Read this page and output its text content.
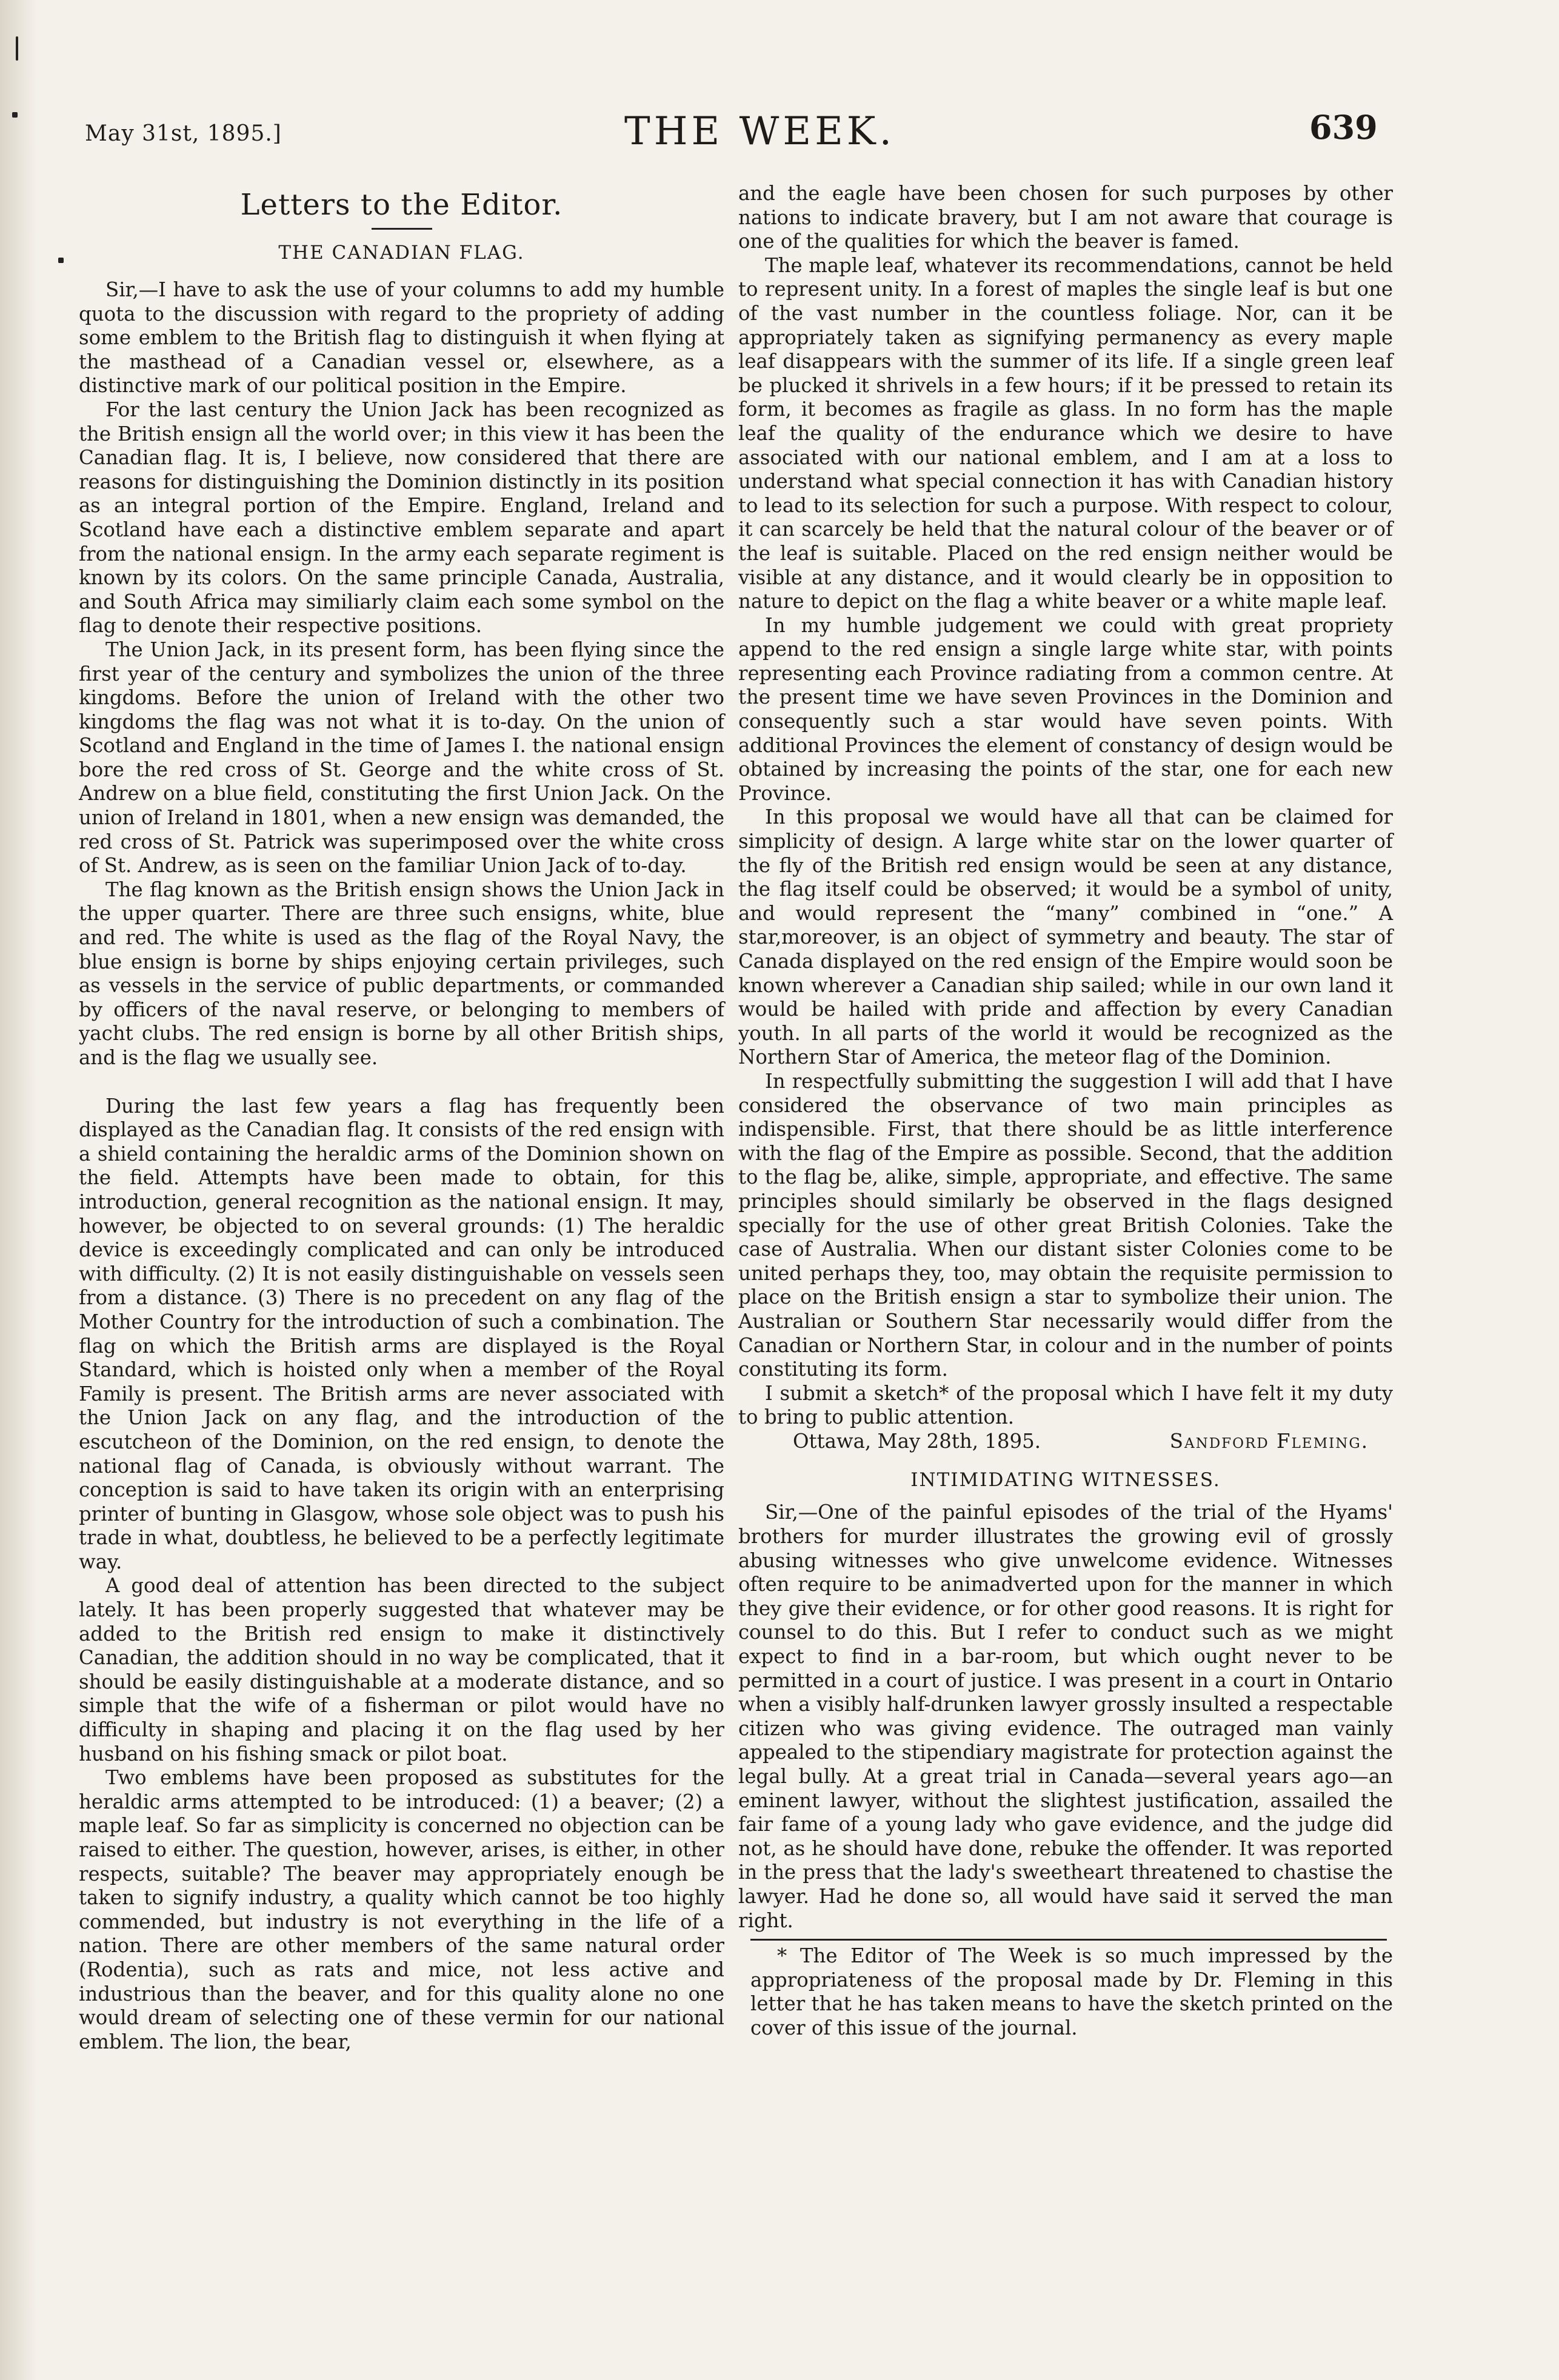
May 31st, 1895.]	THE WEEK.	639
Letters to the Editor.
THE CANADIAN FLAG.

Sir,—I have to ask the use of your columns to add my humble quota to the discussion with regard to the propriety of adding some emblem to the British flag to distinguish it when flying at the masthead of a Canadian vessel or, elsewhere, as a distinctive mark of our political position in the Empire.

For the last century the Union Jack has been recognized as the British ensign all the world over; in this view it has been the Canadian flag. It is, I believe, now considered that there are reasons for distinguishing the Dominion distinctly in its position as an integral portion of the Empire. England, Ireland and Scotland have each a distinctive emblem separate and apart from the national ensign. In the army each separate regiment is known by its colors. On the same principle Canada, Australia, and South Africa may similiarly claim each some symbol on the flag to denote their respective positions.

The Union Jack, in its present form, has been flying since the first year of the century and symbolizes the union of the three kingdoms. Before the union of Ireland with the other two kingdoms the flag was not what it is to-day. On the union of Scotland and England in the time of James I. the national ensign bore the red cross of St. George and the white cross of St. Andrew on a blue field, constituting the first Union Jack. On the union of Ireland in 1801, when a new ensign was demanded, the red cross of St. Patrick was superimposed over the white cross of St. Andrew, as is seen on the familiar Union Jack of to-day.

The flag known as the British ensign shows the Union Jack in the upper quarter. There are three such ensigns, white, blue and red. The white is used as the flag of the Royal Navy, the blue ensign is borne by ships enjoying certain privileges, such as vessels in the service of public departments, or commanded by officers of the naval reserve, or belonging to members of yacht clubs. The red ensign is borne by all other British ships, and is the flag we usually see.

During the last few years a flag has frequently been displayed as the Canadian flag. It consists of the red ensign with a shield containing the heraldic arms of the Dominion shown on the field. Attempts have been made to obtain, for this introduction, general recognition as the national ensign. It may, however, be objected to on several grounds: (1) The heraldic device is exceedingly complicated and can only be introduced with difficulty. (2) It is not easily distinguishable on vessels seen from a distance. (3) There is no precedent on any flag of the Mother Country for the introduction of such a combination. The flag on which the British arms are displayed is the Royal Standard, which is hoisted only when a member of the Royal Family is present. The British arms are never associated with the Union Jack on any flag, and the introduction of the escutcheon of the Dominion, on the red ensign, to denote the national flag of Canada, is obviously without warrant. The conception is said to have taken its origin with an enterprising printer of bunting in Glasgow, whose sole object was to push his trade in what, doubtless, he believed to be a perfectly legitimate way.

A good deal of attention has been directed to the subject lately. It has been properly suggested that whatever may be added to the British red ensign to make it distinctively Canadian, the addition should in no way be complicated, that it should be easily distinguishable at a moderate distance, and so simple that the wife of a fisherman or pilot would have no difficulty in shaping and placing it on the flag used by her husband on his fishing smack or pilot boat.

Two emblems have been proposed as substitutes for the heraldic arms attempted to be introduced: (1) a beaver; (2) a maple leaf. So far as simplicity is concerned no objection can be raised to either. The question, however, arises, is either, in other respects, suitable? The beaver may appropriately enough be taken to signify industry, a quality which cannot be too highly commended, but industry is not everything in the life of a nation. There are other members of the same natural order (Rodentia), such as rats and mice, not less active and industrious than the beaver, and for this quality alone no one would dream of selecting one of these vermin for our national emblem. The lion, the bear,

and the eagle have been chosen for such purposes by other nations to indicate bravery, but I am not aware that courage is one of the qualities for which the beaver is famed.

The maple leaf, whatever its recommendations, cannot be held to represent unity. In a forest of maples the single leaf is but one of the vast number in the countless foliage. Nor, can it be appropriately taken as signifying permanency as every maple leaf disappears with the summer of its life. If a single green leaf be plucked it shrivels in a few hours; if it be pressed to retain its form, it becomes as fragile as glass. In no form has the maple leaf the quality of the endurance which we desire to have associated with our national emblem, and I am at a loss to understand what special connection it has with Canadian history to lead to its selection for such a purpose. With respect to colour, it can scarcely be held that the natural colour of the beaver or of the leaf is suitable. Placed on the red ensign neither would be visible at any distance, and it would clearly be in opposition to nature to depict on the flag a white beaver or a white maple leaf.

In my humble judgement we could with great propriety append to the red ensign a single large white star, with points representing each Province radiating from a common centre. At the present time we have seven Provinces in the Dominion and consequently such a star would have seven points. With additional Provinces the element of constancy of design would be obtained by increasing the points of the star, one for each new Province.

In this proposal we would have all that can be claimed for simplicity of design. A large white star on the lower quarter of the fly of the British red ensign would be seen at any distance, the flag itself could be observed; it would be a symbol of unity, and would represent the “many” combined in “one.” A star,moreover, is an object of symmetry and beauty. The star of Canada displayed on the red ensign of the Empire would soon be known wherever a Canadian ship sailed; while in our own land it would be hailed with pride and affection by every Canadian youth. In all parts of the world it would be recognized as the Northern Star of America, the meteor flag of the Dominion.

In respectfully submitting the suggestion I will add that I have considered the observance of two main principles as indispensible. First, that there should be as little interference with the flag of the Empire as possible. Second, that the addition to the flag be, alike, simple, appropriate, and effective. The same principles should similarly be observed in the flags designed specially for the use of other great British Colonies. Take the case of Australia. When our distant sister Colonies come to be united perhaps they, too, may obtain the requisite permission to place on the British ensign a star to symbolize their union. The Australian or Southern Star necessarily would differ from the Canadian or Northern Star, in colour and in the number of points constituting its form.

I submit a sketch* of the proposal which I have felt it my duty to bring to public attention.

Ottawa, May 28th, 1895.	Sandford Fleming.
INTIMIDATING WITNESSES.

Sir,—One of the painful episodes of the trial of the Hyams' brothers for murder illustrates the growing evil of grossly abusing witnesses who give unwelcome evidence. Witnesses often require to be animadverted upon for the manner in which they give their evidence, or for other good reasons. It is right for counsel to do this. But I refer to conduct such as we might expect to find in a bar-room, but which ought never to be permitted in a court of justice. I was present in a court in Ontario when a visibly half-drunken lawyer grossly insulted a respectable citizen who was giving evidence. The outraged man vainly appealed to the stipendiary magistrate for protection against the legal bully. At a great trial in Canada—several years ago—an eminent lawyer, without the slightest justification, assailed the fair fame of a young lady who gave evidence, and the judge did not, as he should have done, rebuke the offender. It was reported in the press that the lady's sweetheart threatened to chastise the lawyer. Had he done so, all would have said it served the man right.

* The Editor of The Week is so much impressed by the appropriateness of the proposal made by Dr. Fleming in this letter that he has taken means to have the sketch printed on the cover of this issue of the journal.
